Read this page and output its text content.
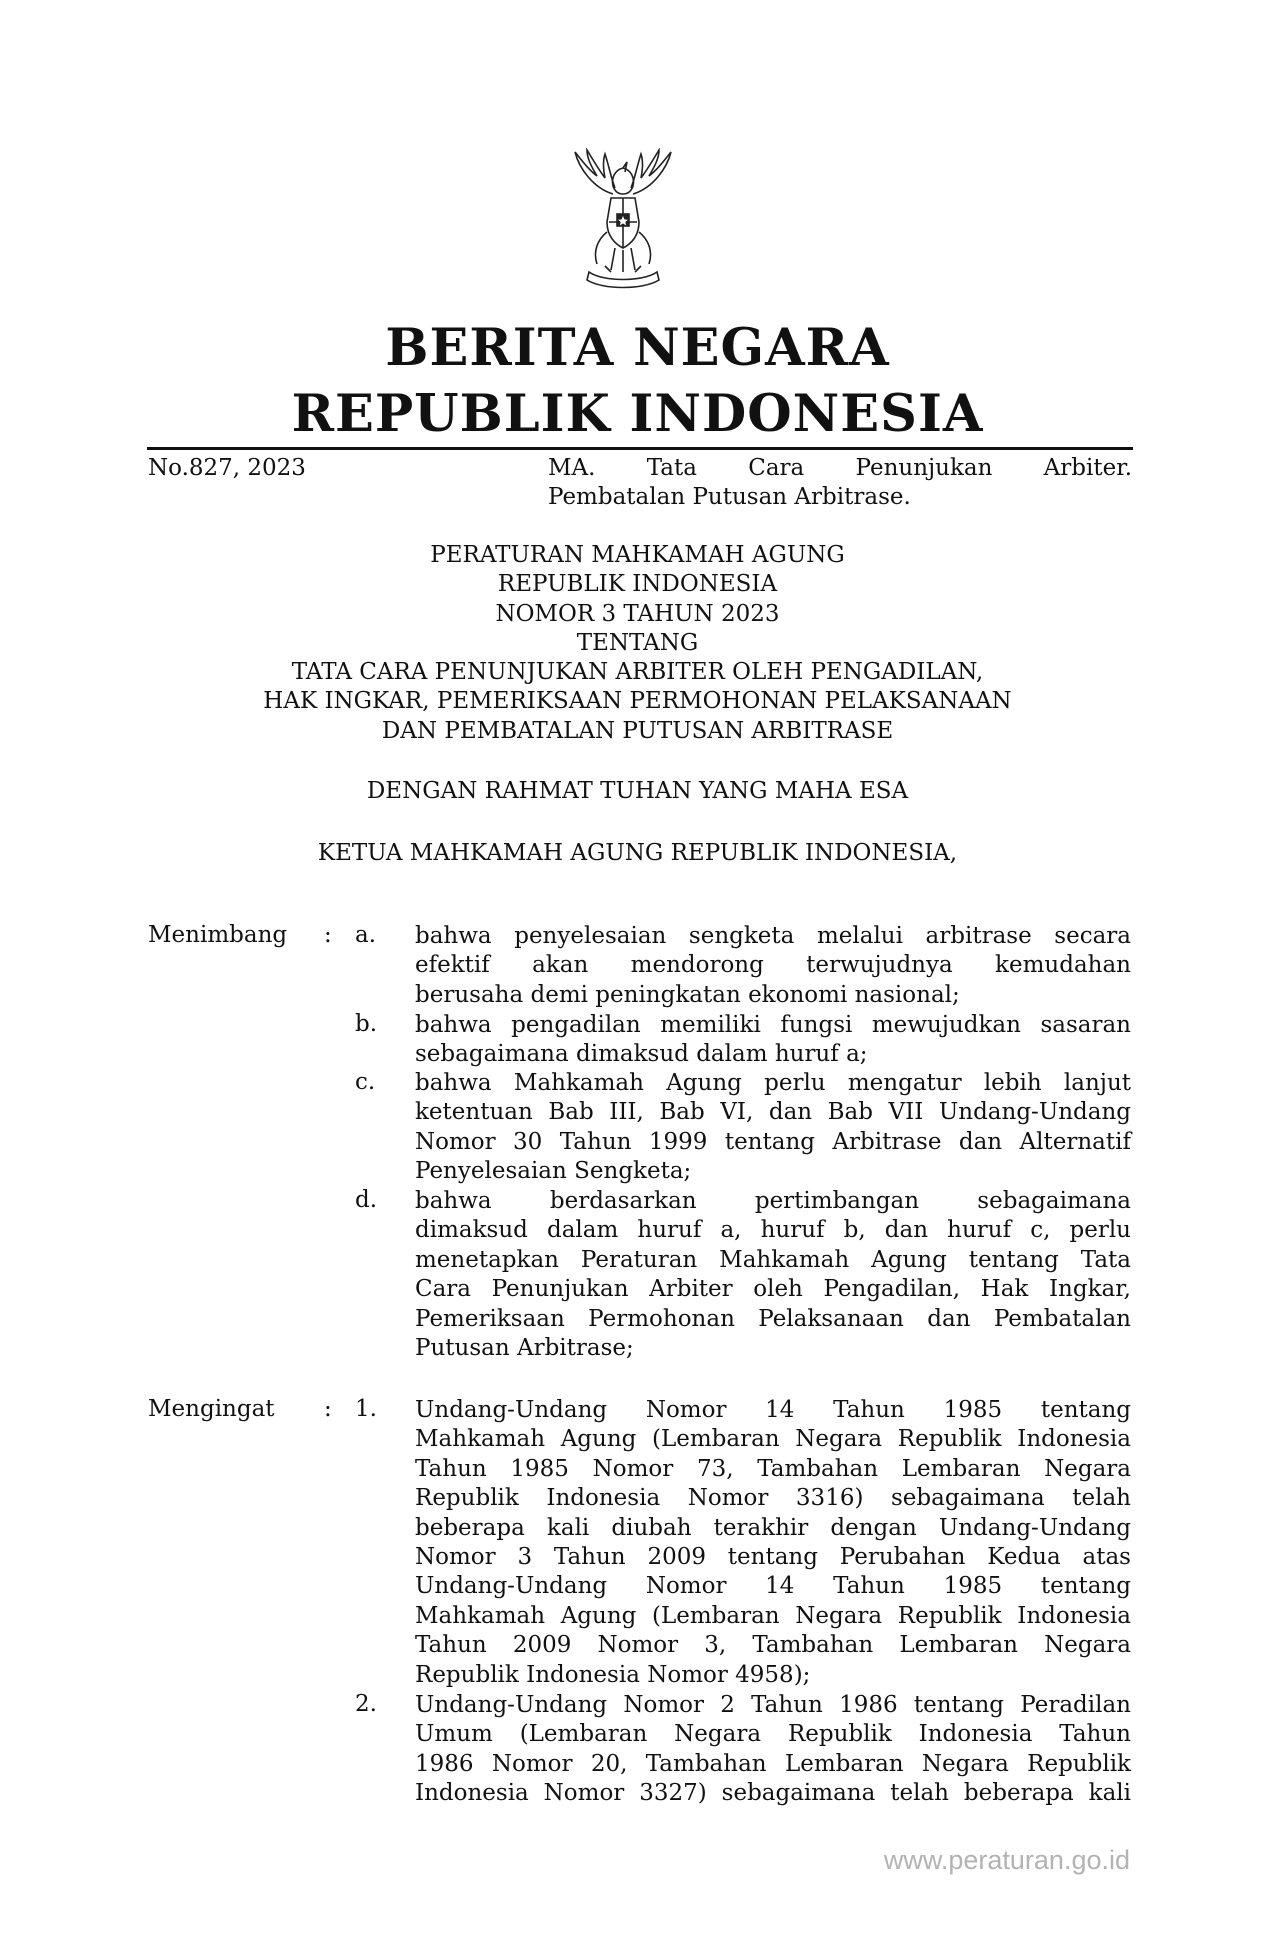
BERITA NEGARA
REPUBLIK INDONESIA
No.827, 2023	MA. Tata Cara Penunjukan Arbiter.
Pembatalan Putusan Arbitrase.
PERATURAN MAHKAMAH AGUNG
REPUBLIK INDONESIA
NOMOR 3 TAHUN 2023
TENTANG
TATA CARA PENUNJUKAN ARBITER OLEH PENGADILAN,
HAK INGKAR, PEMERIKSAAN PERMOHONAN PELAKSANAAN
DAN PEMBATALAN PUTUSAN ARBITRASE
DENGAN RAHMAT TUHAN YANG MAHA ESA
KETUA MAHKAMAH AGUNG REPUBLIK INDONESIA,
Menimbang : a. bahwa penyelesaian sengketa melalui arbitrase secara
efektif akan mendorong terwujudnya kemudahan
berusaha demi peningkatan ekonomi nasional;
b. bahwa pengadilan memiliki fungsi mewujudkan sasaran
sebagaimana dimaksud dalam huruf a;
c. bahwa Mahkamah Agung perlu mengatur lebih lanjut
ketentuan Bab III, Bab VI, dan Bab VII Undang-Undang
Nomor 30 Tahun 1999 tentang Arbitrase dan Alternatif
Penyelesaian Sengketa;
d. bahwa berdasarkan pertimbangan sebagaimana
dimaksud dalam huruf a, huruf b, dan huruf c, perlu
menetapkan Peraturan Mahkamah Agung tentang Tata
Cara Penunjukan Arbiter oleh Pengadilan, Hak Ingkar,
Pemeriksaan Permohonan Pelaksanaan dan Pembatalan
Putusan Arbitrase;
Mengingat : 1. Undang-Undang Nomor 14 Tahun 1985 tentang
Mahkamah Agung (Lembaran Negara Republik Indonesia
Tahun 1985 Nomor 73, Tambahan Lembaran Negara
Republik Indonesia Nomor 3316) sebagaimana telah
beberapa kali diubah terakhir dengan Undang-Undang
Nomor 3 Tahun 2009 tentang Perubahan Kedua atas
Undang-Undang Nomor 14 Tahun 1985 tentang
Mahkamah Agung (Lembaran Negara Republik Indonesia
Tahun 2009 Nomor 3, Tambahan Lembaran Negara
Republik Indonesia Nomor 4958);
2. Undang-Undang Nomor 2 Tahun 1986 tentang Peradilan
Umum (Lembaran Negara Republik Indonesia Tahun
1986 Nomor 20, Tambahan Lembaran Negara Republik
Indonesia Nomor 3327) sebagaimana telah beberapa kali
www.peraturan.go.id
